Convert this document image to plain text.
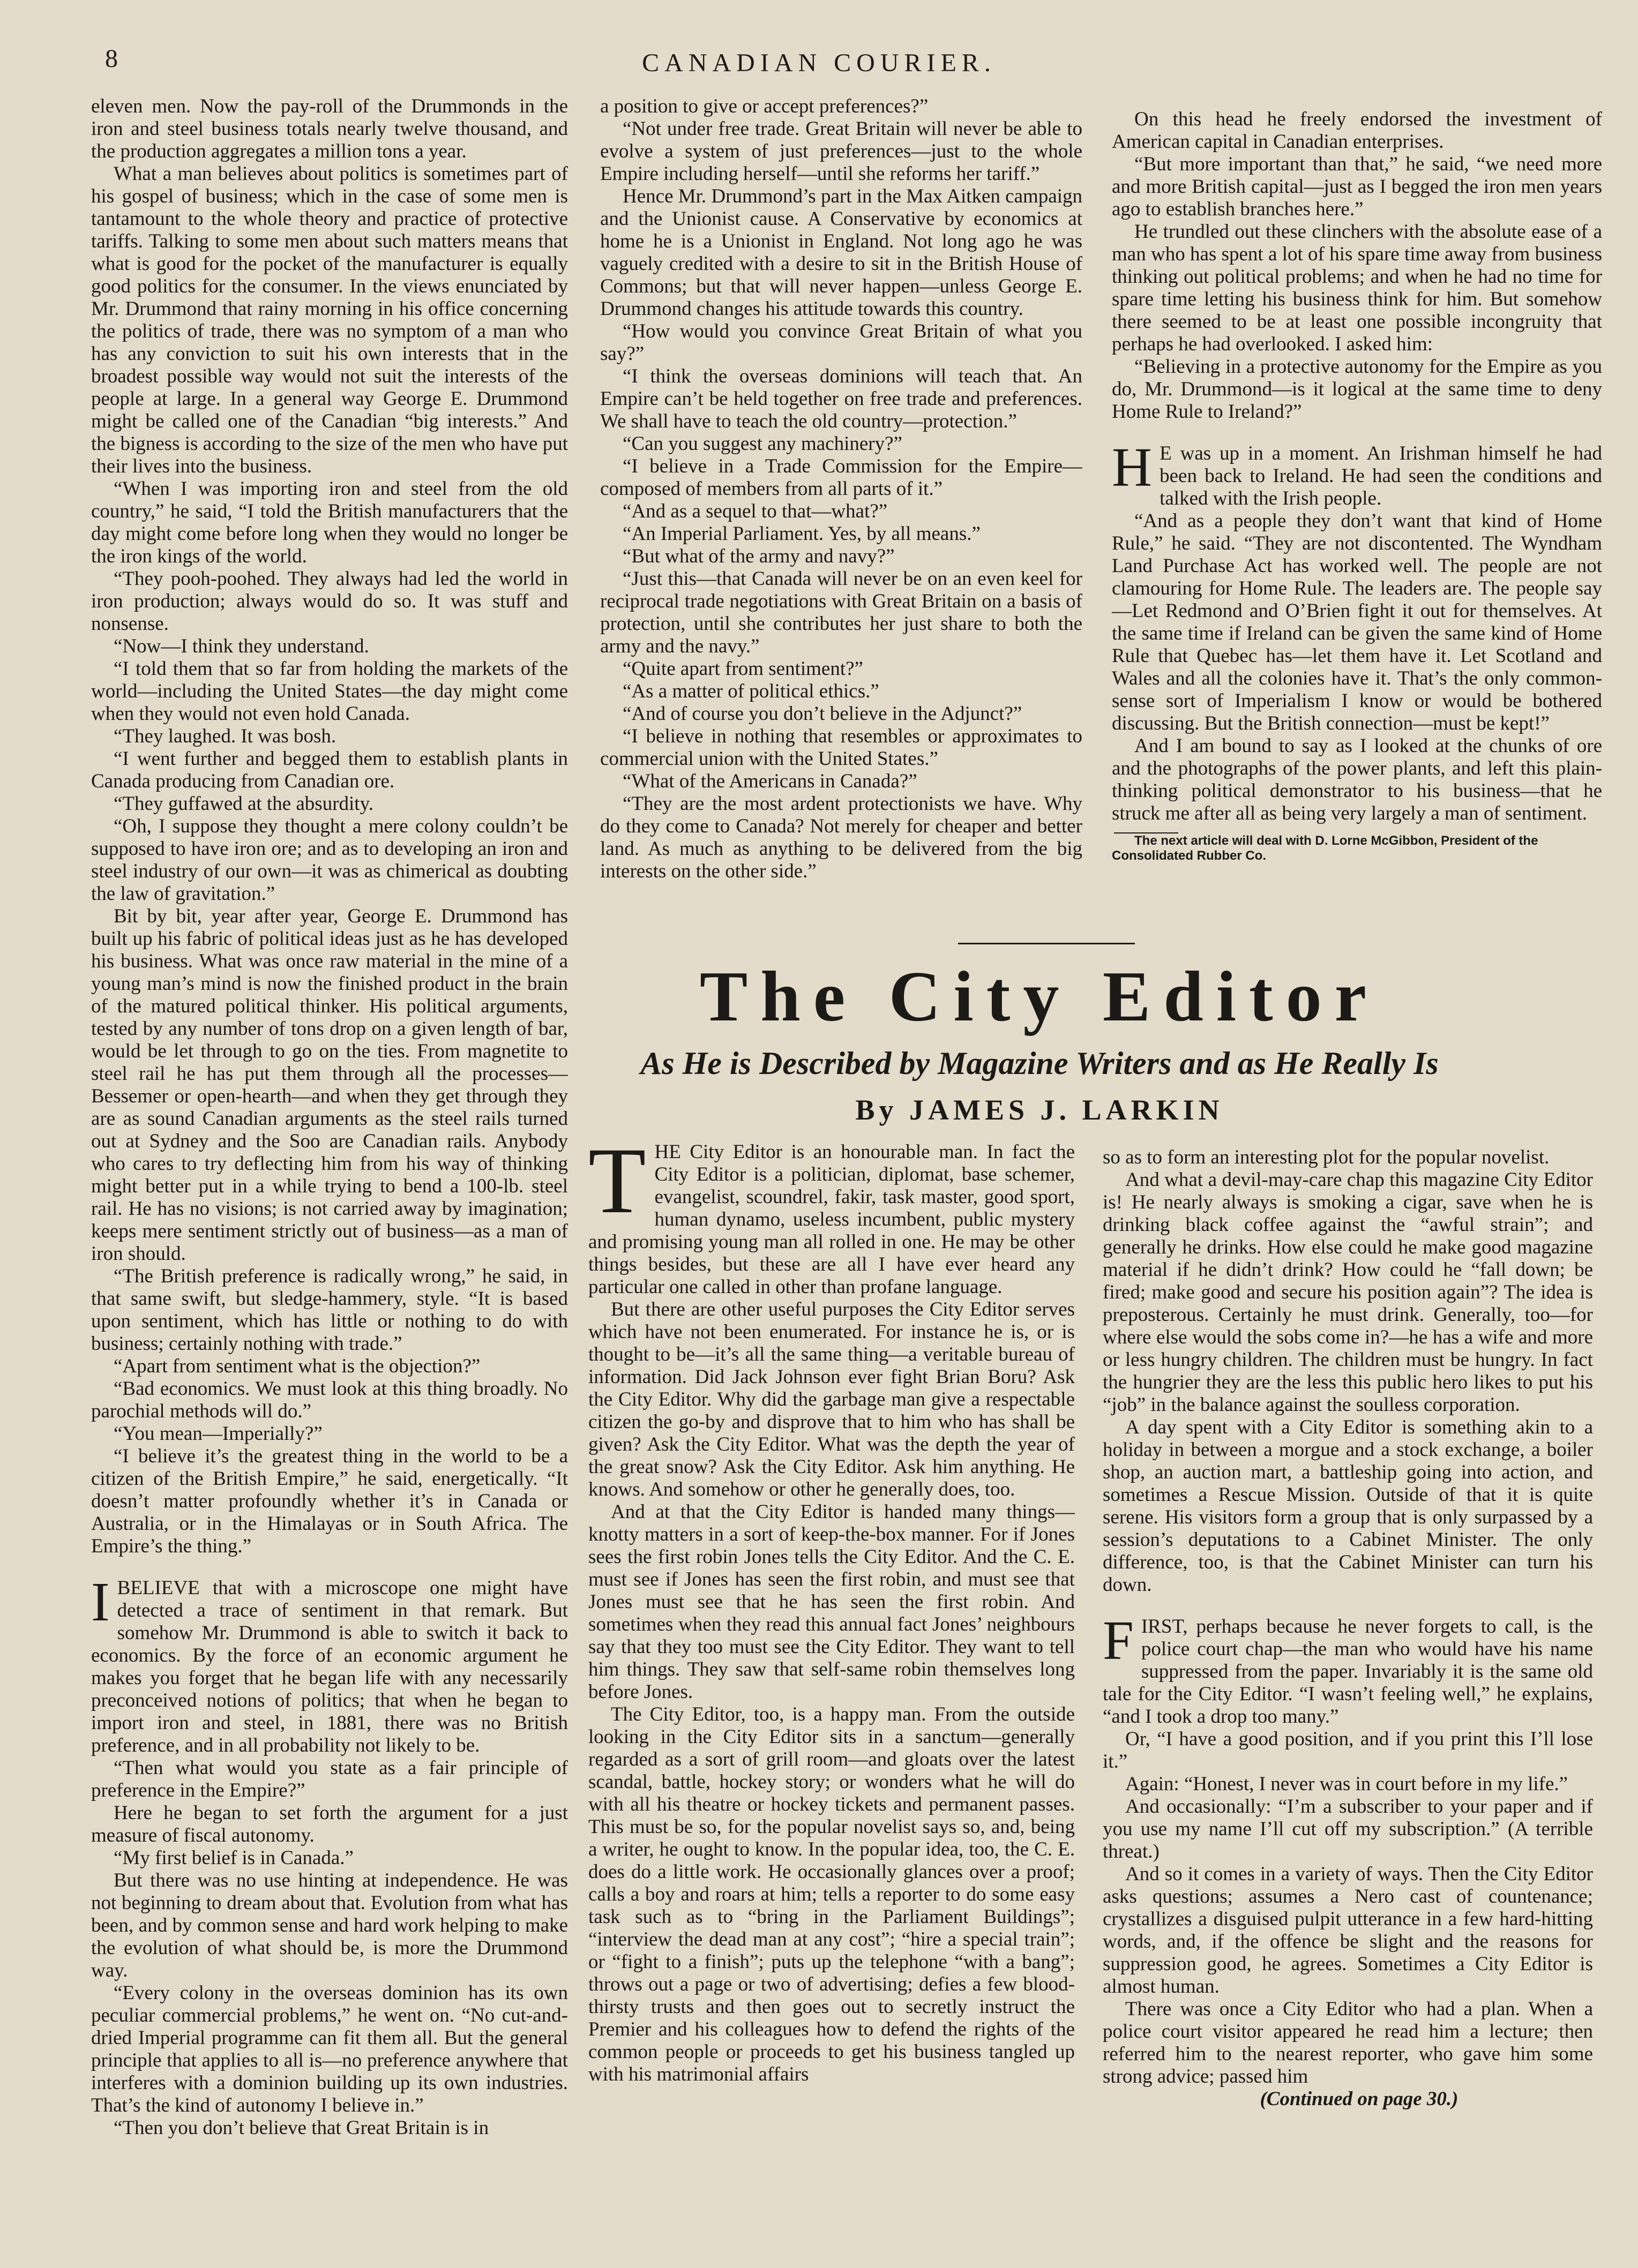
8	CANADIAN COURIER.

eleven men. Now the pay-roll of the Drummonds in the iron and steel business totals nearly twelve thousand, and the production aggregates a million tons a year.

What a man believes about politics is sometimes part of his gospel of business; which in the case of some men is tantamount to the whole theory and practice of protective tariffs. Talking to some men about such matters means that what is good for the pocket of the manufacturer is equally good politics for the consumer. In the views enunciated by Mr. Drummond that rainy morning in his office concerning the politics of trade, there was no symptom of a man who has any conviction to suit his own interests that in the broadest possible way would not suit the interests of the people at large. In a general way George E. Drummond might be called one of the Canadian “big interests.” And the bigness is according to the size of the men who have put their lives into the business.

“When I was importing iron and steel from the old country,” he said, “I told the British manufacturers that the day might come before long when they would no longer be the iron kings of the world.

“They pooh-poohed. They always had led the world in iron production; always would do so. It was stuff and nonsense.

“Now—I think they understand.

“I told them that so far from holding the markets of the world—including the United States—the day might come when they would not even hold Canada.

“They laughed. It was bosh.

“I went further and begged them to establish plants in Canada producing from Canadian ore.

“They guffawed at the absurdity.

“Oh, I suppose they thought a mere colony couldn’t be supposed to have iron ore; and as to developing an iron and steel industry of our own—it was as chimerical as doubting the law of gravitation.”

Bit by bit, year after year, George E. Drummond has built up his fabric of political ideas just as he has developed his business. What was once raw material in the mine of a young man’s mind is now the finished product in the brain of the matured political thinker. His political arguments, tested by any number of tons drop on a given length of bar, would be let through to go on the ties. From magnetite to steel rail he has put them through all the processes—Bessemer or open-hearth—and when they get through they are as sound Canadian arguments as the steel rails turned out at Sydney and the Soo are Canadian rails. Anybody who cares to try deflecting him from his way of thinking might better put in a while trying to bend a 100-lb. steel rail. He has no visions; is not carried away by imagination; keeps mere sentiment strictly out of business—as a man of iron should.

“The British preference is radically wrong,” he said, in that same swift, but sledge-hammery, style. “It is based upon sentiment, which has little or nothing to do with business; certainly nothing with trade.”

“Apart from sentiment what is the objection?”

“Bad economics. We must look at this thing broadly. No parochial methods will do.”

“You mean—Imperially?”

“I believe it’s the greatest thing in the world to be a citizen of the British Empire,” he said, energetically. “It doesn’t matter profoundly whether it’s in Canada or Australia, or in the Himalayas or in South Africa. The Empire’s the thing.”

IBELIEVE that with a microscope one might have detected a trace of sentiment in that remark. But somehow Mr. Drummond is able to switch it back to economics. By the force of an economic argument he makes you forget that he began life with any necessarily preconceived notions of politics; that when he began to import iron and steel, in 1881, there was no British preference, and in all probability not likely to be.

“Then what would you state as a fair principle of preference in the Empire?”

Here he began to set forth the argument for a just measure of fiscal autonomy.

“My first belief is in Canada.”

But there was no use hinting at independence. He was not beginning to dream about that. Evolution from what has been, and by common sense and hard work helping to make the evolution of what should be, is more the Drummond way.

“Every colony in the overseas dominion has its own peculiar commercial problems,” he went on. “No cut-and-dried Imperial programme can fit them all. But the general principle that applies to all is—no preference anywhere that interferes with a dominion building up its own industries. That’s the kind of autonomy I believe in.”

“Then you don’t believe that Great Britain is in

a position to give or accept preferences?”

“Not under free trade. Great Britain will never be able to evolve a system of just preferences—just to the whole Empire including herself—until she reforms her tariff.”

Hence Mr. Drummond’s part in the Max Aitken campaign and the Unionist cause. A Conservative by economics at home he is a Unionist in England. Not long ago he was vaguely credited with a desire to sit in the British House of Commons; but that will never happen—unless George E. Drummond changes his attitude towards this country.

“How would you convince Great Britain of what you say?”

“I think the overseas dominions will teach that. An Empire can’t be held together on free trade and preferences. We shall have to teach the old country—protection.”

“Can you suggest any machinery?”

“I believe in a Trade Commission for the Empire—composed of members from all parts of it.”

“And as a sequel to that—what?”

“An Imperial Parliament. Yes, by all means.”

“But what of the army and navy?”

“Just this—that Canada will never be on an even keel for reciprocal trade negotiations with Great Britain on a basis of protection, until she contributes her just share to both the army and the navy.”

“Quite apart from sentiment?”

“As a matter of political ethics.”

“And of course you don’t believe in the Adjunct?”

“I believe in nothing that resembles or approximates to commercial union with the United States.”

“What of the Americans in Canada?”

“They are the most ardent protectionists we have. Why do they come to Canada? Not merely for cheaper and better land. As much as anything to be delivered from the big interests on the other side.”

On this head he freely endorsed the investment of American capital in Canadian enterprises.

“But more important than that,” he said, “we need more and more British capital—just as I begged the iron men years ago to establish branches here.”

He trundled out these clinchers with the absolute ease of a man who has spent a lot of his spare time away from business thinking out political problems; and when he had no time for spare time letting his business think for him. But somehow there seemed to be at least one possible incongruity that perhaps he had overlooked. I asked him:

“Believing in a protective autonomy for the Empire as you do, Mr. Drummond—is it logical at the same time to deny Home Rule to Ireland?”

H E was up in a moment. An Irishman himself he had been back to Ireland. He had seen the conditions and talked with the Irish people.

“And as a people they don’t want that kind of Home Rule,” he said. “They are not discontented. The Wyndham Land Purchase Act has worked well. The people are not clamouring for Home Rule. The leaders are. The people say—Let Redmond and O’Brien fight it out for themselves. At the same time if Ireland can be given the same kind of Home Rule that Quebec has—let them have it. Let Scotland and Wales and all the colonies have it. That’s the only common-sense sort of Imperialism I know or would be bothered discussing. But the British connection—must be kept!”

And I am bound to say as I looked at the chunks of ore and the photographs of the power plants, and left this plain-thinking political demonstrator to his business—that he struck me after all as being very largely a man of sentiment.

The next article will deal with D. Lorne McGibbon, President of the Consolidated Rubber Co.

The City Editor
As He is Described by Magazine Writers and as He Really Is
By JAMES J. LARKIN

THE City Editor is an honourable man. In fact the City Editor is a politician, diplomat, base schemer, evangelist, scoundrel, fakir, task master, good sport, human dynamo, useless incumbent, public mystery and promising young man all rolled in one. He may be other things besides, but these are all I have ever heard any particular one called in other than profane language.

But there are other useful purposes the City Editor serves which have not been enumerated. For instance he is, or is thought to be—it’s all the same thing—a veritable bureau of information. Did Jack Johnson ever fight Brian Boru? Ask the City Editor. Why did the garbage man give a respectable citizen the go-by and disprove that to him who has shall be given? Ask the City Editor. What was the depth the year of the great snow? Ask the City Editor. Ask him anything. He knows. And somehow or other he generally does, too.

And at that the City Editor is handed many things—knotty matters in a sort of keep-the-box manner. For if Jones sees the first robin Jones tells the City Editor. And the C. E. must see if Jones has seen the first robin, and must see that Jones must see that he has seen the first robin. And sometimes when they read this annual fact Jones’ neighbours say that they too must see the City Editor. They want to tell him things. They saw that self-same robin themselves long before Jones.

The City Editor, too, is a happy man. From the outside looking in the City Editor sits in a sanctum—generally regarded as a sort of grill room—and gloats over the latest scandal, battle, hockey story; or wonders what he will do with all his theatre or hockey tickets and permanent passes. This must be so, for the popular novelist says so, and, being a writer, he ought to know. In the popular idea, too, the C. E. does do a little work. He occasionally glances over a proof; calls a boy and roars at him; tells a reporter to do some easy task such as to “bring in the Parliament Buildings”; “interview the dead man at any cost”; “hire a special train”; or “fight to a finish”; puts up the telephone “with a bang”; throws out a page or two of advertising; defies a few blood-thirsty trusts and then goes out to secretly instruct the Premier and his colleagues how to defend the rights of the common people or proceeds to get his business tangled up with his matrimonial affairs

so as to form an interesting plot for the popular novelist.

And what a devil-may-care chap this magazine City Editor is! He nearly always is smoking a cigar, save when he is drinking black coffee against the “awful strain”; and generally he drinks. How else could he make good magazine material if he didn’t drink? How could he “fall down; be fired; make good and secure his position again”? The idea is preposterous. Certainly he must drink. Generally, too—for where else would the sobs come in?—he has a wife and more or less hungry children. The children must be hungry. In fact the hungrier they are the less this public hero likes to put his “job” in the balance against the soulless corporation.

A day spent with a City Editor is something akin to a holiday in between a morgue and a stock exchange, a boiler shop, an auction mart, a battleship going into action, and sometimes a Rescue Mission. Outside of that it is quite serene. His visitors form a group that is only surpassed by a session’s deputations to a Cabinet Minister. The only difference, too, is that the Cabinet Minister can turn his down.

FIRST, perhaps because he never forgets to call, is the police court chap—the man who would have his name suppressed from the paper. Invariably it is the same old tale for the City Editor. “I wasn’t feeling well,” he explains, “and I took a drop too many.”

Or, “I have a good position, and if you print this I’ll lose it.”

Again: “Honest, I never was in court before in my life.”

And occasionally: “I’m a subscriber to your paper and if you use my name I’ll cut off my subscription.” (A terrible threat.)

And so it comes in a variety of ways. Then the City Editor asks questions; assumes a Nero cast of countenance; crystallizes a disguised pulpit utterance in a few hard-hitting words, and, if the offence be slight and the reasons for suppression good, he agrees. Sometimes a City Editor is almost human.

There was once a City Editor who had a plan. When a police court visitor appeared he read him a lecture; then referred him to the nearest reporter, who gave him some strong advice; passed him

(Continued on page 30.)
